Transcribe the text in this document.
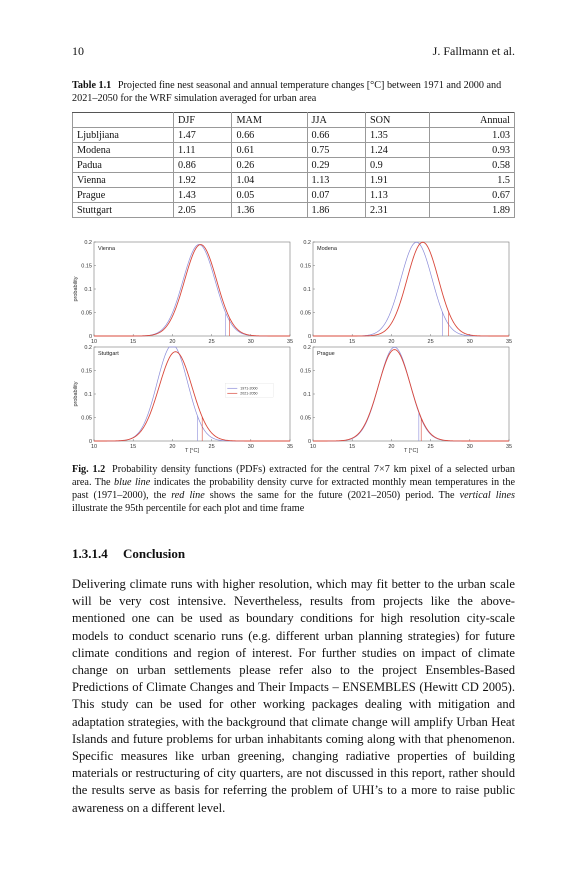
10	J. Fallmann et al.
Table 1.1 Projected fine nest seasonal and annual temperature changes [°C] between 1971 and 2000 and 2021–2050 for the WRF simulation averaged for urban area
	DJF	MAM	JJA	SON	Annual
Ljubljiana	1.47	0.66	0.66	1.35	1.03
Modena	1.11	0.61	0.75	1.24	0.93
Padua	0.86	0.26	0.29	0.9	0.58
Vienna	1.92	1.04	1.13	1.91	1.5
Prague	1.43	0.05	0.07	1.13	0.67
Stuttgart	2.05	1.36	1.86	2.31	1.89
10	15	20	25	30	35
0
0.05
0.1
0.15
0.2
probability
Vienna
10	15	20	25	30	35
0
0.05
0.1
0.15
0.2
Modena
10	15	20	25	30	35
0
0.05
0.1
0.15
0.2
probability
T [°C]
Stuttgart
1971-2000
2021-2050
10	15	20	25	30	35
0
0.05
0.1
0.15
0.2
T [°C]
Prague
Fig. 1.2 Probability density functions (PDFs) extracted for the central 7×7 km pixel of a selected urban area. The blue line indicates the probability density curve for extracted monthly mean temperatures in the past (1971–2000), the red line shows the same for the future (2021–2050) period. The vertical lines illustrate the 95th percentile for each plot and time frame
1.3.1.4 Conclusion
Delivering climate runs with higher resolution, which may fit better to the urban scale will be very cost intensive. Nevertheless, results from projects like the above-mentioned one can be used as boundary conditions for high resolution city-scale models to conduct scenario runs (e.g. different urban planning strategies) for future climate conditions and region of interest. For further studies on impact of climate change on urban settlements please refer also to the project Ensembles-Based Predictions of Climate Changes and Their Impacts – ENSEMBLES (Hewitt CD 2005). This study can be used for other working packages dealing with mitigation and adaptation strategies, with the background that climate change will amplify Urban Heat Islands and future problems for urban inhabitants coming along with that phenomenon. Specific measures like urban greening, changing radiative properties of building materials or restructuring of city quarters, are not discussed in this report, rather should the results serve as basis for referring the problem of UHI’s to a more to raise public awareness on a different level.
